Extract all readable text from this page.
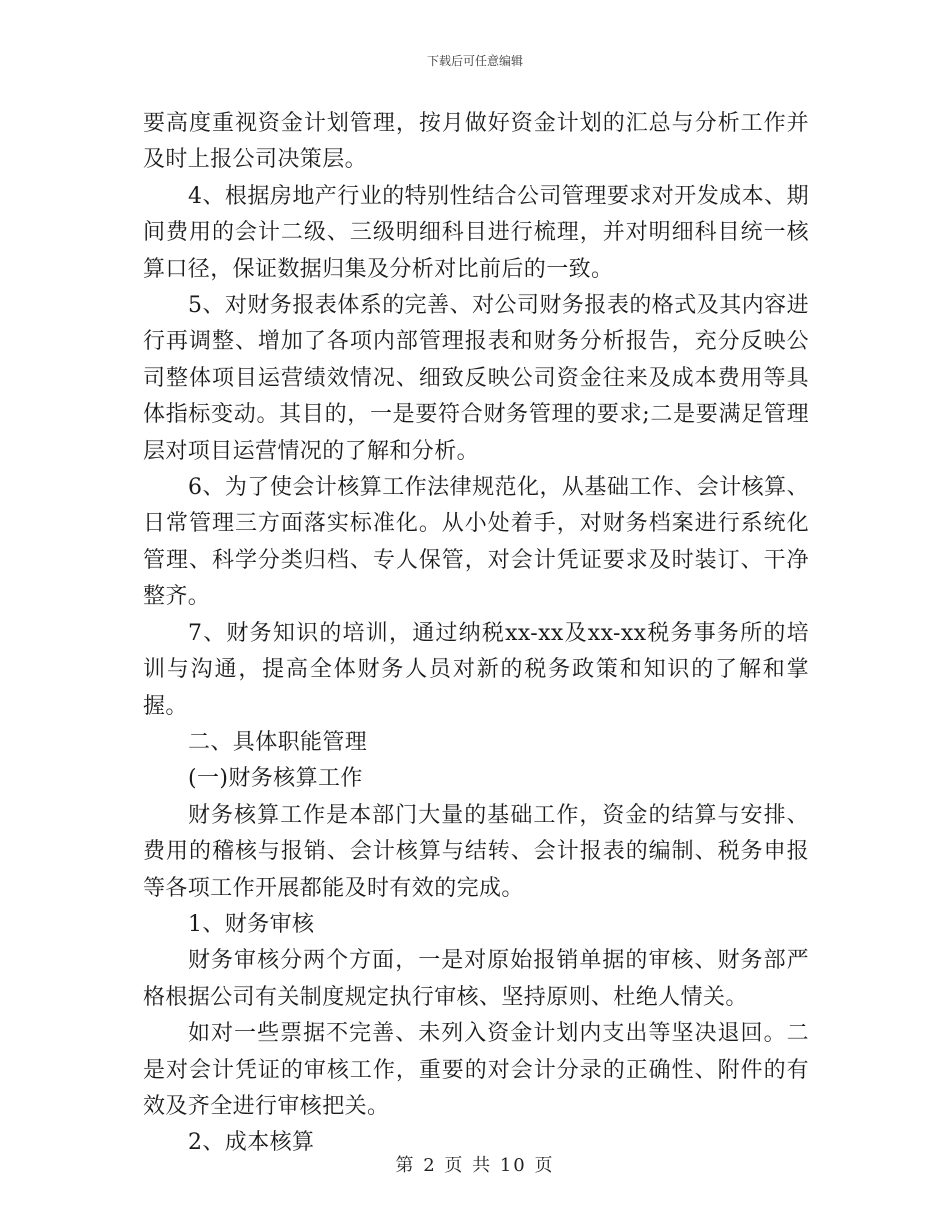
下载后可任意编辑

要高度重视资金计划管理，按月做好资金计划的汇总与分析工作并及时上报公司决策层。

4、根据房地产行业的特别性结合公司管理要求对开发成本、期间费用的会计二级、三级明细科目进行梳理，并对明细科目统一核算口径，保证数据归集及分析对比前后的一致。

5、对财务报表体系的完善、对公司财务报表的格式及其内容进行再调整、增加了各项内部管理报表和财务分析报告，充分反映公司整体项目运营绩效情况、细致反映公司资金往来及成本费用等具体指标变动。其目的，一是要符合财务管理的要求;二是要满足管理层对项目运营情况的了解和分析。

6、为了使会计核算工作法律规范化，从基础工作、会计核算、日常管理三方面落实标准化。从小处着手，对财务档案进行系统化管理、科学分类归档、专人保管，对会计凭证要求及时装订、干净整齐。

7、财务知识的培训，通过纳税xx-xx及xx-xx税务事务所的培训与沟通，提高全体财务人员对新的税务政策和知识的了解和掌握。

二、具体职能管理

(一)财务核算工作

财务核算工作是本部门大量的基础工作，资金的结算与安排、费用的稽核与报销、会计核算与结转、会计报表的编制、税务申报等各项工作开展都能及时有效的完成。

1、财务审核

财务审核分两个方面，一是对原始报销单据的审核、财务部严格根据公司有关制度规定执行审核、坚持原则、杜绝人情关。

如对一些票据不完善、未列入资金计划内支出等坚决退回。二是对会计凭证的审核工作，重要的对会计分录的正确性、附件的有效及齐全进行审核把关。

2、成本核算

第 2 页 共 10 页
